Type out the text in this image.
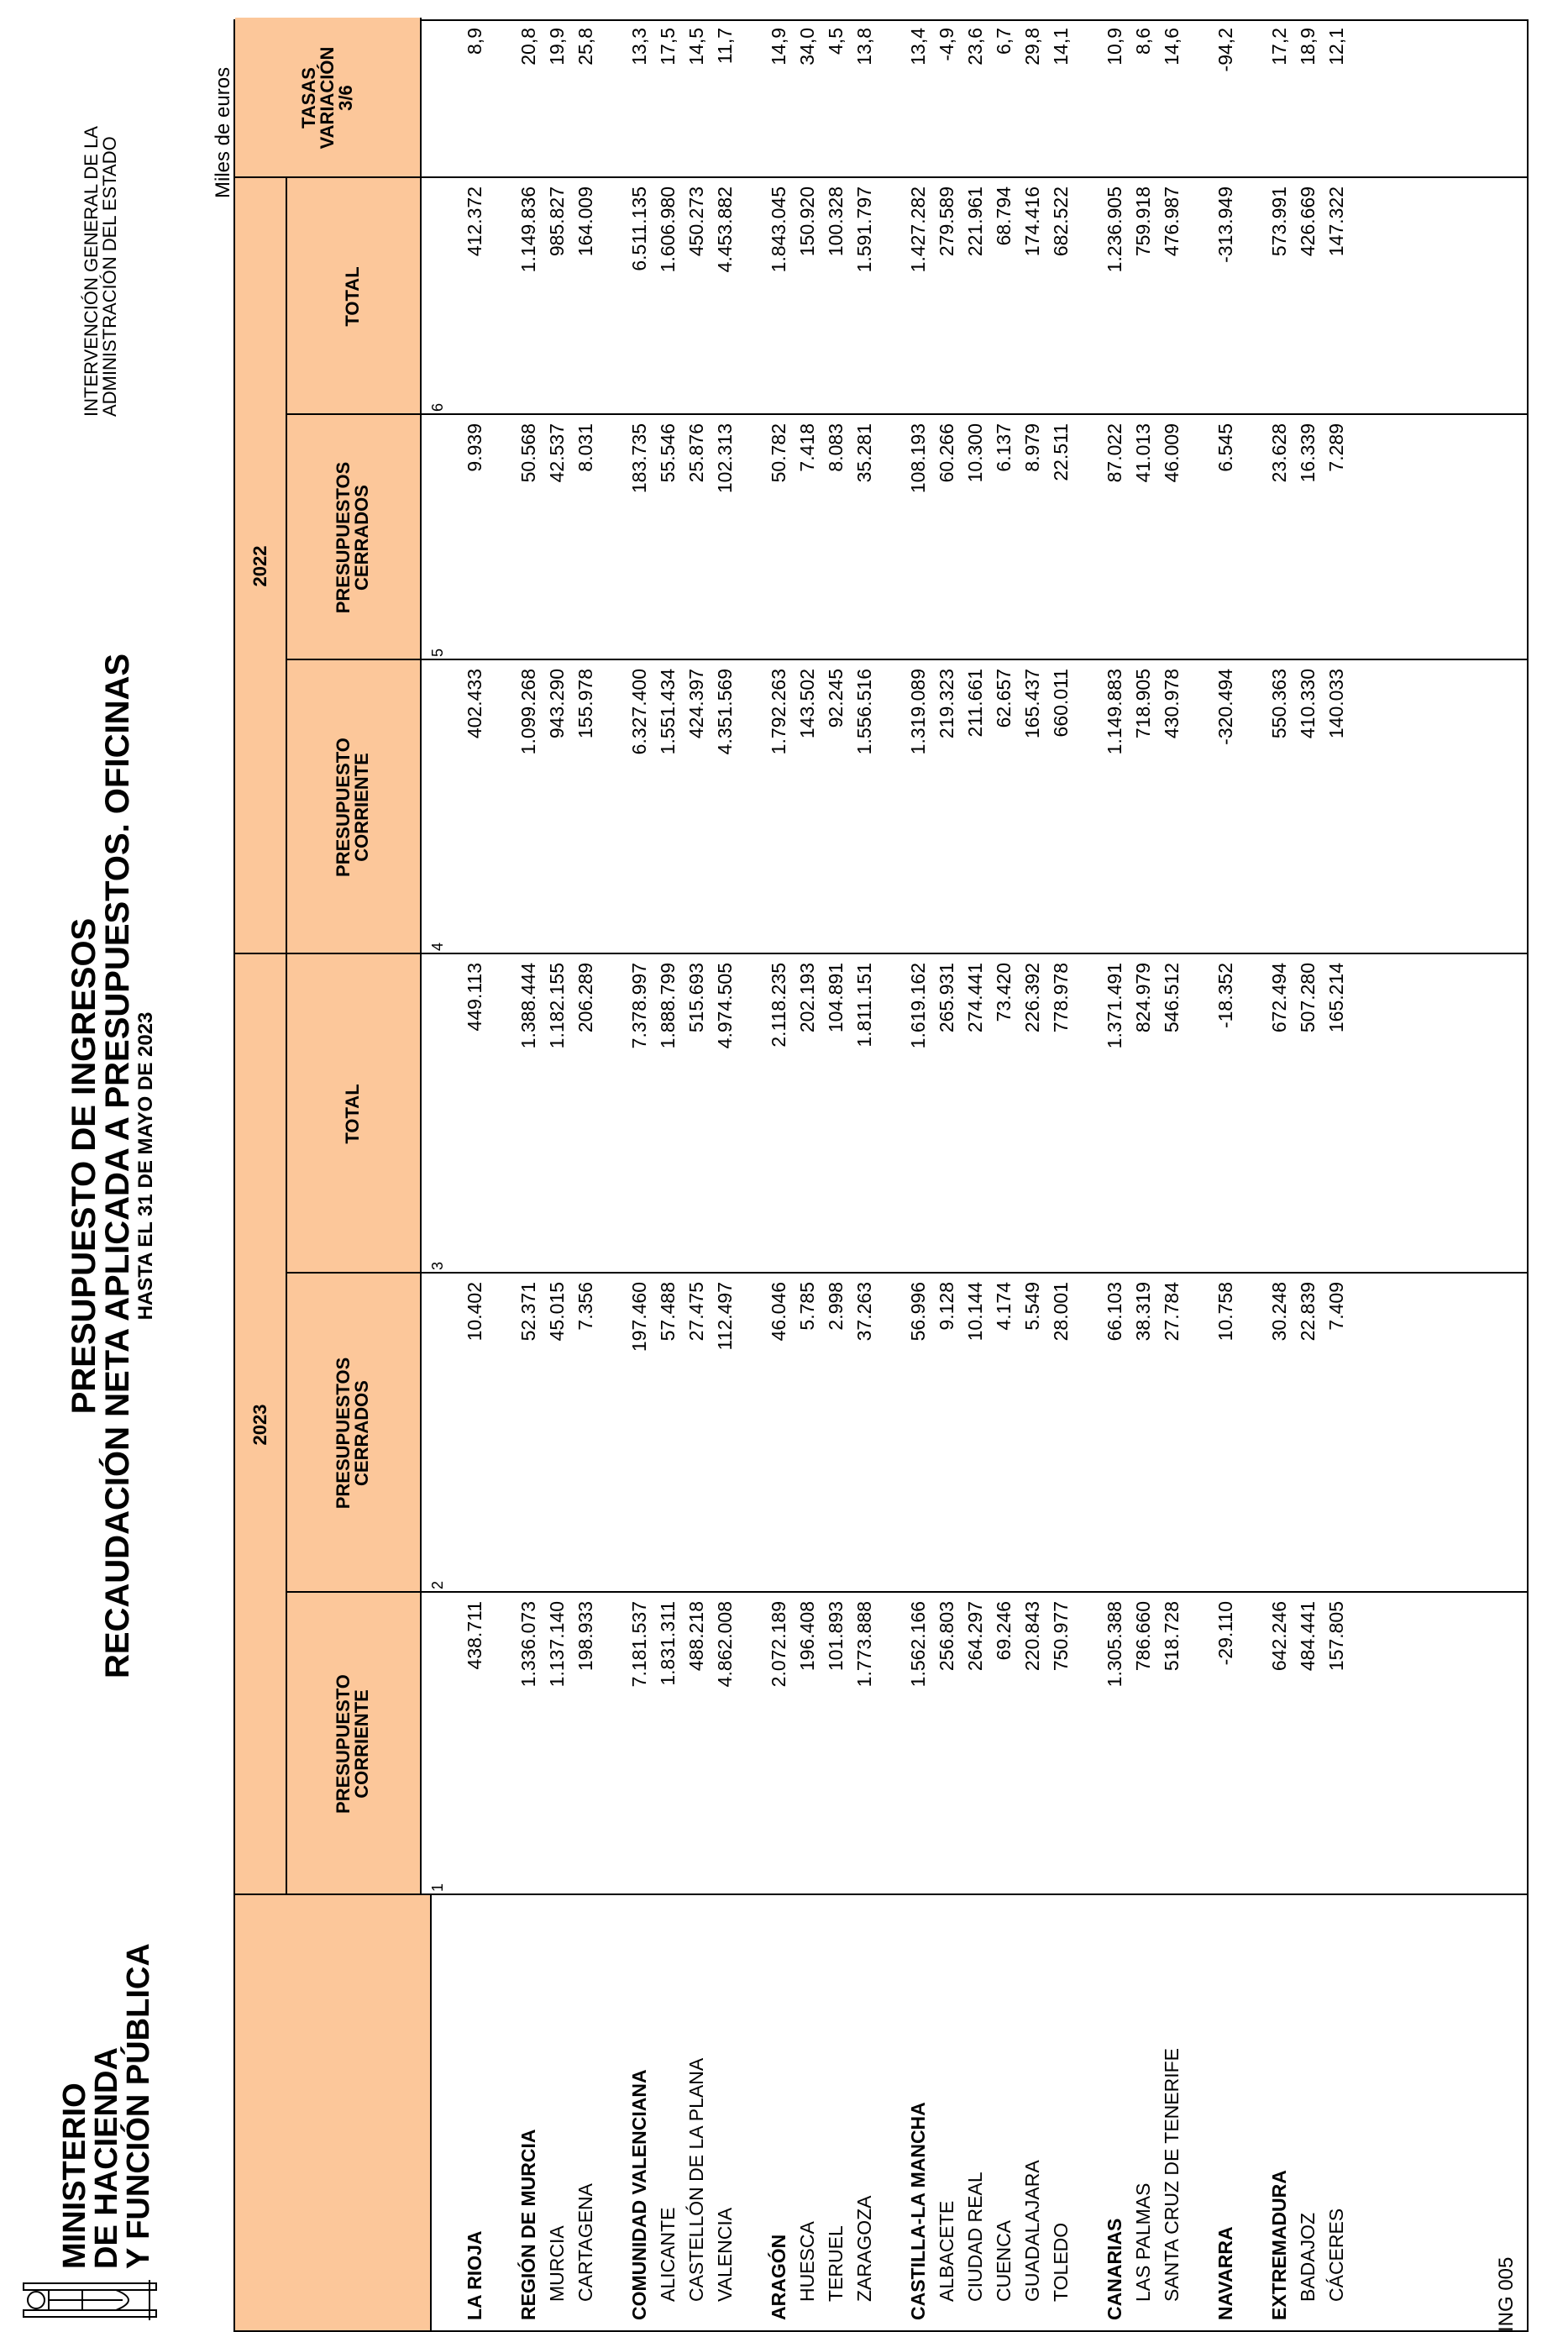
MINISTERIO
DE HACIENDA
Y FUNCIÓN PÚBLICA
PRESUPUESTO DE INGRESOS
RECAUDACIÓN NETA APLICADA A PRESUPUESTOS. OFICINAS
HASTA EL 31 DE MAYO DE 2023
INTERVENCIÓN GENERAL DE LA
ADMINISTRACIÓN DEL ESTADO
Miles de euros
2023
2022
PRESUPUESTO
CORRIENTE
PRESUPUESTOS
CERRADOS
TOTAL
PRESUPUESTO
CORRIENTE
PRESUPUESTOS
CERRADOS
TOTAL
TASAS
VARIACIÓN
3/6
1
2
3
4
5
6
LA RIOJA
438.711
10.402
449.113
402.433
9.939
412.372
8,9
REGIÓN DE MURCIA
1.336.073
52.371
1.388.444
1.099.268
50.568
1.149.836
20,8
MURCIA
1.137.140
45.015
1.182.155
943.290
42.537
985.827
19,9
CARTAGENA
198.933
7.356
206.289
155.978
8.031
164.009
25,8
COMUNIDAD VALENCIANA
7.181.537
197.460
7.378.997
6.327.400
183.735
6.511.135
13,3
ALICANTE
1.831.311
57.488
1.888.799
1.551.434
55.546
1.606.980
17,5
CASTELLÓN DE LA PLANA
488.218
27.475
515.693
424.397
25.876
450.273
14,5
VALENCIA
4.862.008
112.497
4.974.505
4.351.569
102.313
4.453.882
11,7
ARAGÓN
2.072.189
46.046
2.118.235
1.792.263
50.782
1.843.045
14,9
HUESCA
196.408
5.785
202.193
143.502
7.418
150.920
34,0
TERUEL
101.893
2.998
104.891
92.245
8.083
100.328
4,5
ZARAGOZA
1.773.888
37.263
1.811.151
1.556.516
35.281
1.591.797
13,8
CASTILLA-LA MANCHA
1.562.166
56.996
1.619.162
1.319.089
108.193
1.427.282
13,4
ALBACETE
256.803
9.128
265.931
219.323
60.266
279.589
-4,9
CIUDAD REAL
264.297
10.144
274.441
211.661
10.300
221.961
23,6
CUENCA
69.246
4.174
73.420
62.657
6.137
68.794
6,7
GUADALAJARA
220.843
5.549
226.392
165.437
8.979
174.416
29,8
TOLEDO
750.977
28.001
778.978
660.011
22.511
682.522
14,1
CANARIAS
1.305.388
66.103
1.371.491
1.149.883
87.022
1.236.905
10,9
LAS PALMAS
786.660
38.319
824.979
718.905
41.013
759.918
8,6
SANTA CRUZ DE TENERIFE
518.728
27.784
546.512
430.978
46.009
476.987
14,6
NAVARRA
-29.110
10.758
-18.352
-320.494
6.545
-313.949
-94,2
EXTREMADURA
642.246
30.248
672.494
550.363
23.628
573.991
17,2
BADAJOZ
484.441
22.839
507.280
410.330
16.339
426.669
18,9
CÁCERES
157.805
7.409
165.214
140.033
7.289
147.322
12,1
ING 005
